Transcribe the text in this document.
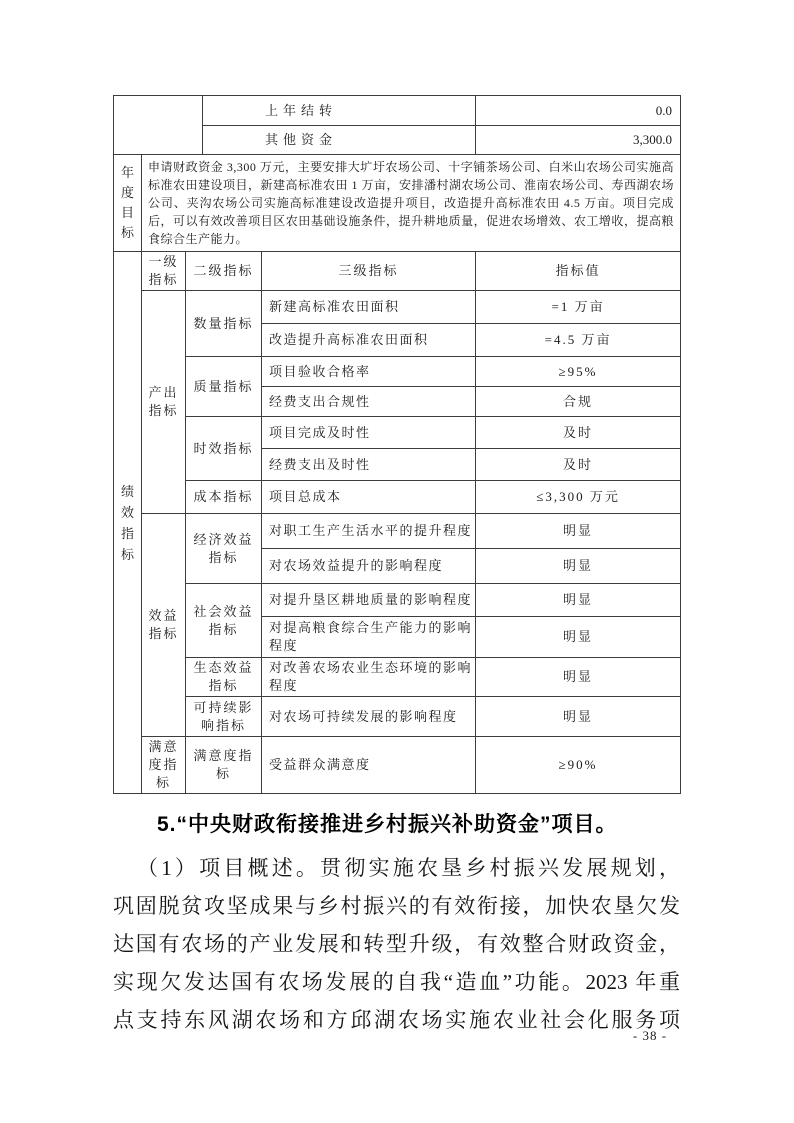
			上年结转		0.0
			其他资金		3,300.0

年度目标	申请财政资金 3,300 万元，主要安排大圹圩农场公司、十字铺茶场公司、白米山农场公司实施高标准农田建设项目，新建高标准农田 1 万亩，安排潘村湖农场公司、淮南农场公司、寿西湖农场公司、夹沟农场公司实施高标准建设改造提升项目，改造提升高标准农田 4.5 万亩。项目完成后，可以有效改善项目区农田基础设施条件，提升耕地质量，促进农场增效、农工增收，提高粮食综合生产能力。				

绩效指标	一级指标	二级指标		三级指标	指标值
	产出指标	数量指标		新建高标准农田面积	=1 万亩
				改造提升高标准农田面积	=4.5 万亩
		质量指标		项目验收合格率	≥95%
				经费支出合规性	合规
		时效指标		项目完成及时性	及时
				经费支出及时性	及时
		成本指标		项目总成本	≤3,300 万元
	效益指标	经济效益指标		对职工生产生活水平的提升程度	明显
				对农场效益提升的影响程度	明显
		社会效益指标		对提升垦区耕地质量的影响程度	明显
				对提高粮食综合生产能力的影响程度	明显
		生态效益指标		对改善农场农业生态环境的影响程度	明显
		可持续影响指标		对农场可持续发展的影响程度	明显
	满意度指标	满意度指标		受益群众满意度	≥90%
5.“中央财政衔接推进乡村振兴补助资金”项目。
（1）项目概述。贯彻实施农垦乡村振兴发展规划，
巩固脱贫攻坚成果与乡村振兴的有效衔接，加快农垦欠发
达国有农场的产业发展和转型升级，有效整合财政资金，
实现欠发达国有农场发展的自我“造血”功能。2023 年重
点支持东风湖农场和方邱湖农场实施农业社会化服务项
- 38 -
